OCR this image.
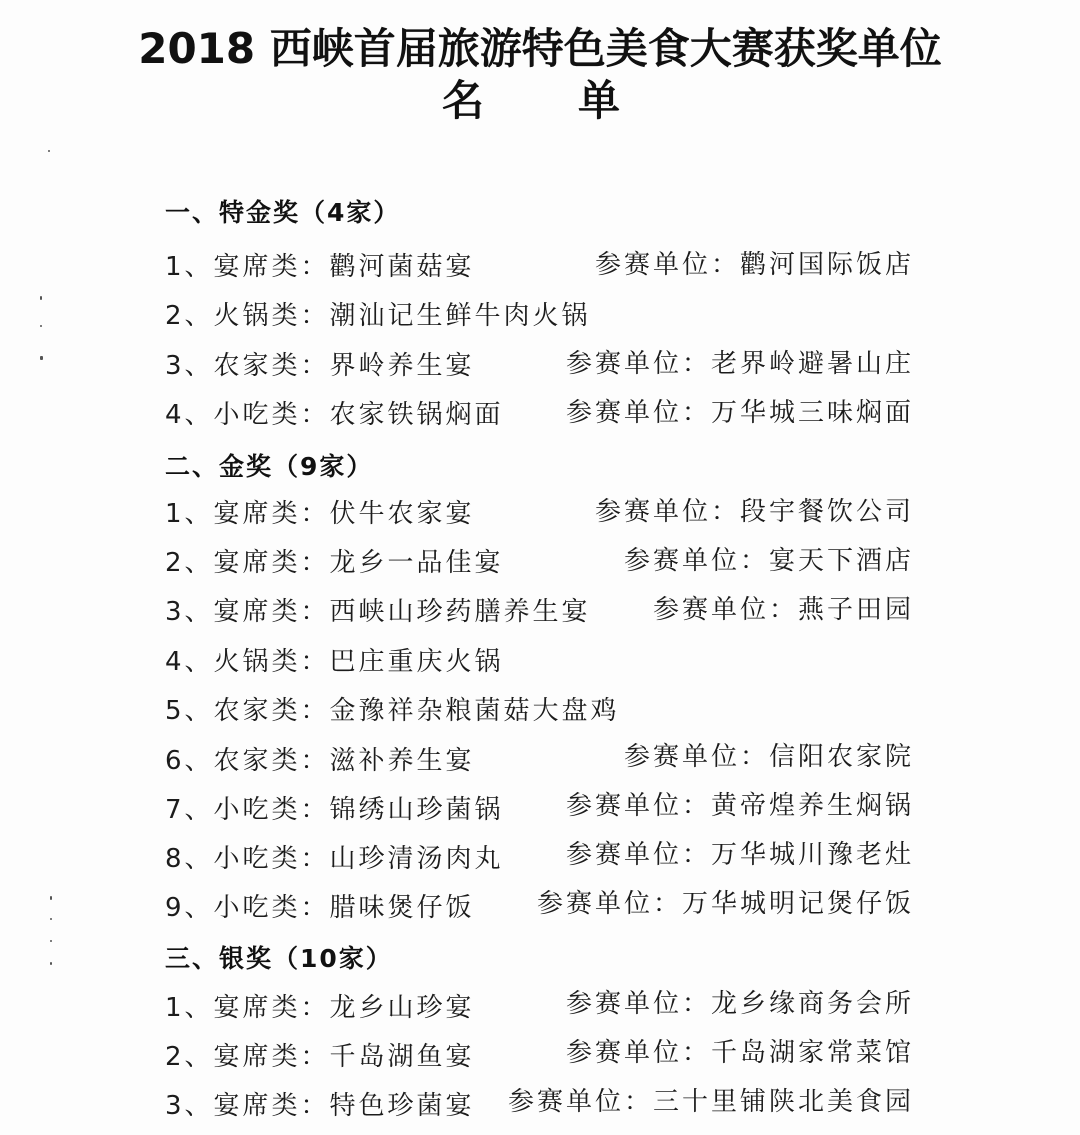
2018 西峡首届旅游特色美食大赛获奖单位
名单
一、特金奖（4家）
1、宴席类：鹳河菌菇宴	参赛单位：鹳河国际饭店
2、火锅类：潮汕记生鲜牛肉火锅
3、农家类：界岭养生宴	参赛单位：老界岭避暑山庄
4、小吃类：农家铁锅焖面 参赛单位：万华城三味焖面
二、金奖（9家）
1、宴席类：伏牛农家宴	参赛单位：段宇餐饮公司
2、宴席类：龙乡一品佳宴	参赛单位：宴天下酒店
3、宴席类：西峡山珍药膳养生宴 参赛单位：燕子田园
4、火锅类：巴庄重庆火锅
5、农家类：金豫祥杂粮菌菇大盘鸡
6、农家类：滋补养生宴	参赛单位：信阳农家院
7、小吃类：锦绣山珍菌锅 参赛单位：黄帝煌养生焖锅
8、小吃类：山珍清汤肉丸 参赛单位：万华城川豫老灶
9、小吃类：腊味煲仔饭 参赛单位：万华城明记煲仔饭
三、银奖（10家）
1、宴席类：龙乡山珍宴	参赛单位：龙乡缘商务会所
2、宴席类：千岛湖鱼宴	参赛单位：千岛湖家常菜馆
3、宴席类：特色珍菌宴 参赛单位：三十里铺陕北美食园
